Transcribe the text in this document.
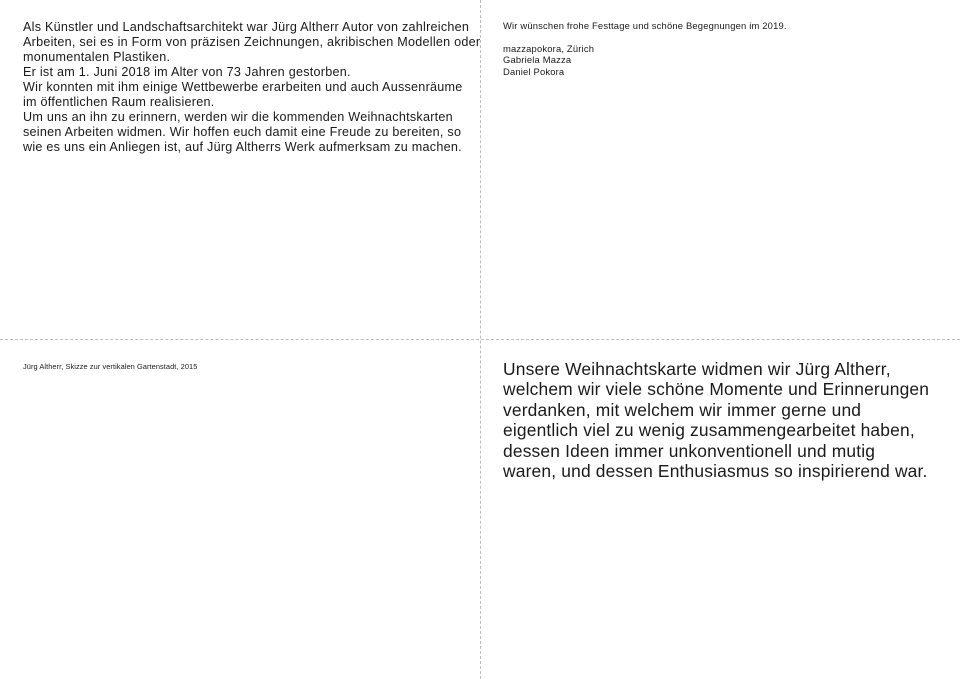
Als Künstler und Landschaftsarchitekt war Jürg Altherr Autor von zahlreichen
Arbeiten, sei es in Form von präzisen Zeichnungen, akribischen Modellen oder
monumentalen Plastiken.
Er ist am 1. Juni 2018 im Alter von 73 Jahren gestorben.
Wir konnten mit ihm einige Wettbewerbe erarbeiten und auch Aussenräume
im öffentlichen Raum realisieren.
Um uns an ihn zu erinnern, werden wir die kommenden Weihnachtskarten
seinen Arbeiten widmen. Wir hoffen euch damit eine Freude zu bereiten, so
wie es uns ein Anliegen ist, auf Jürg Altherrs Werk aufmerksam zu machen.

Wir wünschen frohe Festtage und schöne Begegnungen im 2019.

mazzapokora, Zürich
Gabriela Mazza
Daniel Pokora

Jürg Altherr, Skizze zur vertikalen Gartenstadt, 2015	Unsere Weihnachtskarte widmen wir Jürg Altherr,
welchem wir viele schöne Momente und Erinnerungen
verdanken, mit welchem wir immer gerne und
eigentlich viel zu wenig zusammengearbeitet haben,
dessen Ideen immer unkonventionell und mutig
waren, und dessen Enthusiasmus so inspirierend war.
